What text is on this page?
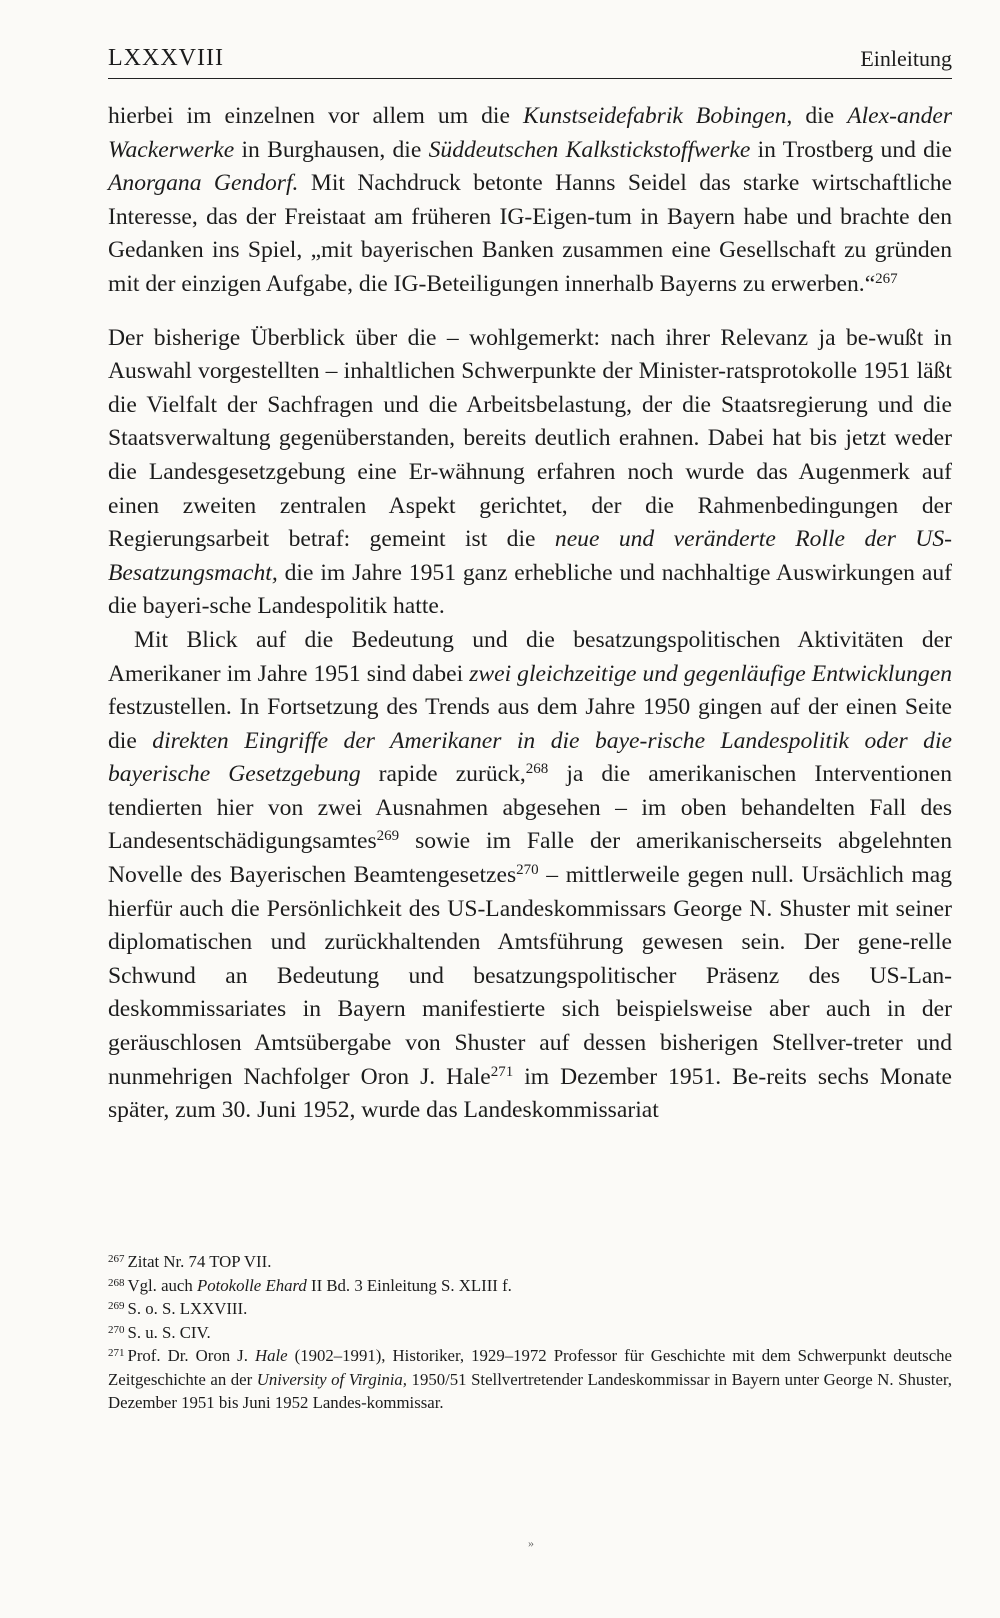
LXXXVIII	Einleitung

hierbei im einzelnen vor allem um die Kunstseidefabrik Bobingen, die Alex-ander Wackerwerke in Burghausen, die Süddeutschen Kalkstickstoffwerke in Trostberg und die Anorgana Gendorf. Mit Nachdruck betonte Hanns Seidel das starke wirtschaftliche Interesse, das der Freistaat am früheren IG-Eigen-tum in Bayern habe und brachte den Gedanken ins Spiel, „mit bayerischen Banken zusammen eine Gesellschaft zu gründen mit der einzigen Aufgabe, die IG-Beteiligungen innerhalb Bayerns zu erwerben.“$^{267}$

Der bisherige Überblick über die – wohlgemerkt: nach ihrer Relevanz ja be-wußt in Auswahl vorgestellten – inhaltlichen Schwerpunkte der Minister-ratsprotokolle 1951 läßt die Vielfalt der Sachfragen und die Arbeitsbelastung, der die Staatsregierung und die Staatsverwaltung gegenüberstanden, bereits deutlich erahnen. Dabei hat bis jetzt weder die Landesgesetzgebung eine Er-wähnung erfahren noch wurde das Augenmerk auf einen zweiten zentralen Aspekt gerichtet, der die Rahmenbedingungen der Regierungsarbeit betraf: gemeint ist die neue und veränderte Rolle der US-Besatzungsmacht, die im Jahre 1951 ganz erhebliche und nachhaltige Auswirkungen auf die bayeri-sche Landespolitik hatte.

Mit Blick auf die Bedeutung und die besatzungspolitischen Aktivitäten der Amerikaner im Jahre 1951 sind dabei zwei gleichzeitige und gegenläufige Entwicklungen festzustellen. In Fortsetzung des Trends aus dem Jahre 1950 gingen auf der einen Seite die direkten Eingriffe der Amerikaner in die baye-rische Landespolitik oder die bayerische Gesetzgebung rapide zurück,$^{268}$ ja die amerikanischen Interventionen tendierten hier von zwei Ausnahmen abgesehen – im oben behandelten Fall des Landesentschädigungsamtes$^{269}$ sowie im Falle der amerikanischerseits abgelehnten Novelle des Bayerischen Beamtengesetzes$^{270}$ – mittlerweile gegen null. Ursächlich mag hierfür auch die Persönlichkeit des US-Landeskommissars George N. Shuster mit seiner diplomatischen und zurückhaltenden Amtsführung gewesen sein. Der gene-relle Schwund an Bedeutung und besatzungspolitischer Präsenz des US-Lan-deskommissariates in Bayern manifestierte sich beispielsweise aber auch in der geräuschlosen Amtsübergabe von Shuster auf dessen bisherigen Stellver-treter und nunmehrigen Nachfolger Oron J. Hale$^{271}$ im Dezember 1951. Be-reits sechs Monate später, zum 30. Juni 1952, wurde das Landeskommissariat

$^{267}$ Zitat Nr. 74 TOP VII.

$^{268}$ Vgl. auch Potokolle Ehard II Bd. 3 Einleitung S. XLIII f.

$^{269}$ S. o. S. LXXVIII.

$^{270}$ S. u. S. CIV.

$^{271}$ Prof. Dr. Oron J. Hale (1902–1991), Historiker, 1929–1972 Professor für Geschichte mit dem Schwerpunkt deutsche Zeitgeschichte an der University of Virginia, 1950/51 Stellvertretender Landeskommissar in Bayern unter George N. Shuster, Dezember 1951 bis Juni 1952 Landes-kommissar.

»
